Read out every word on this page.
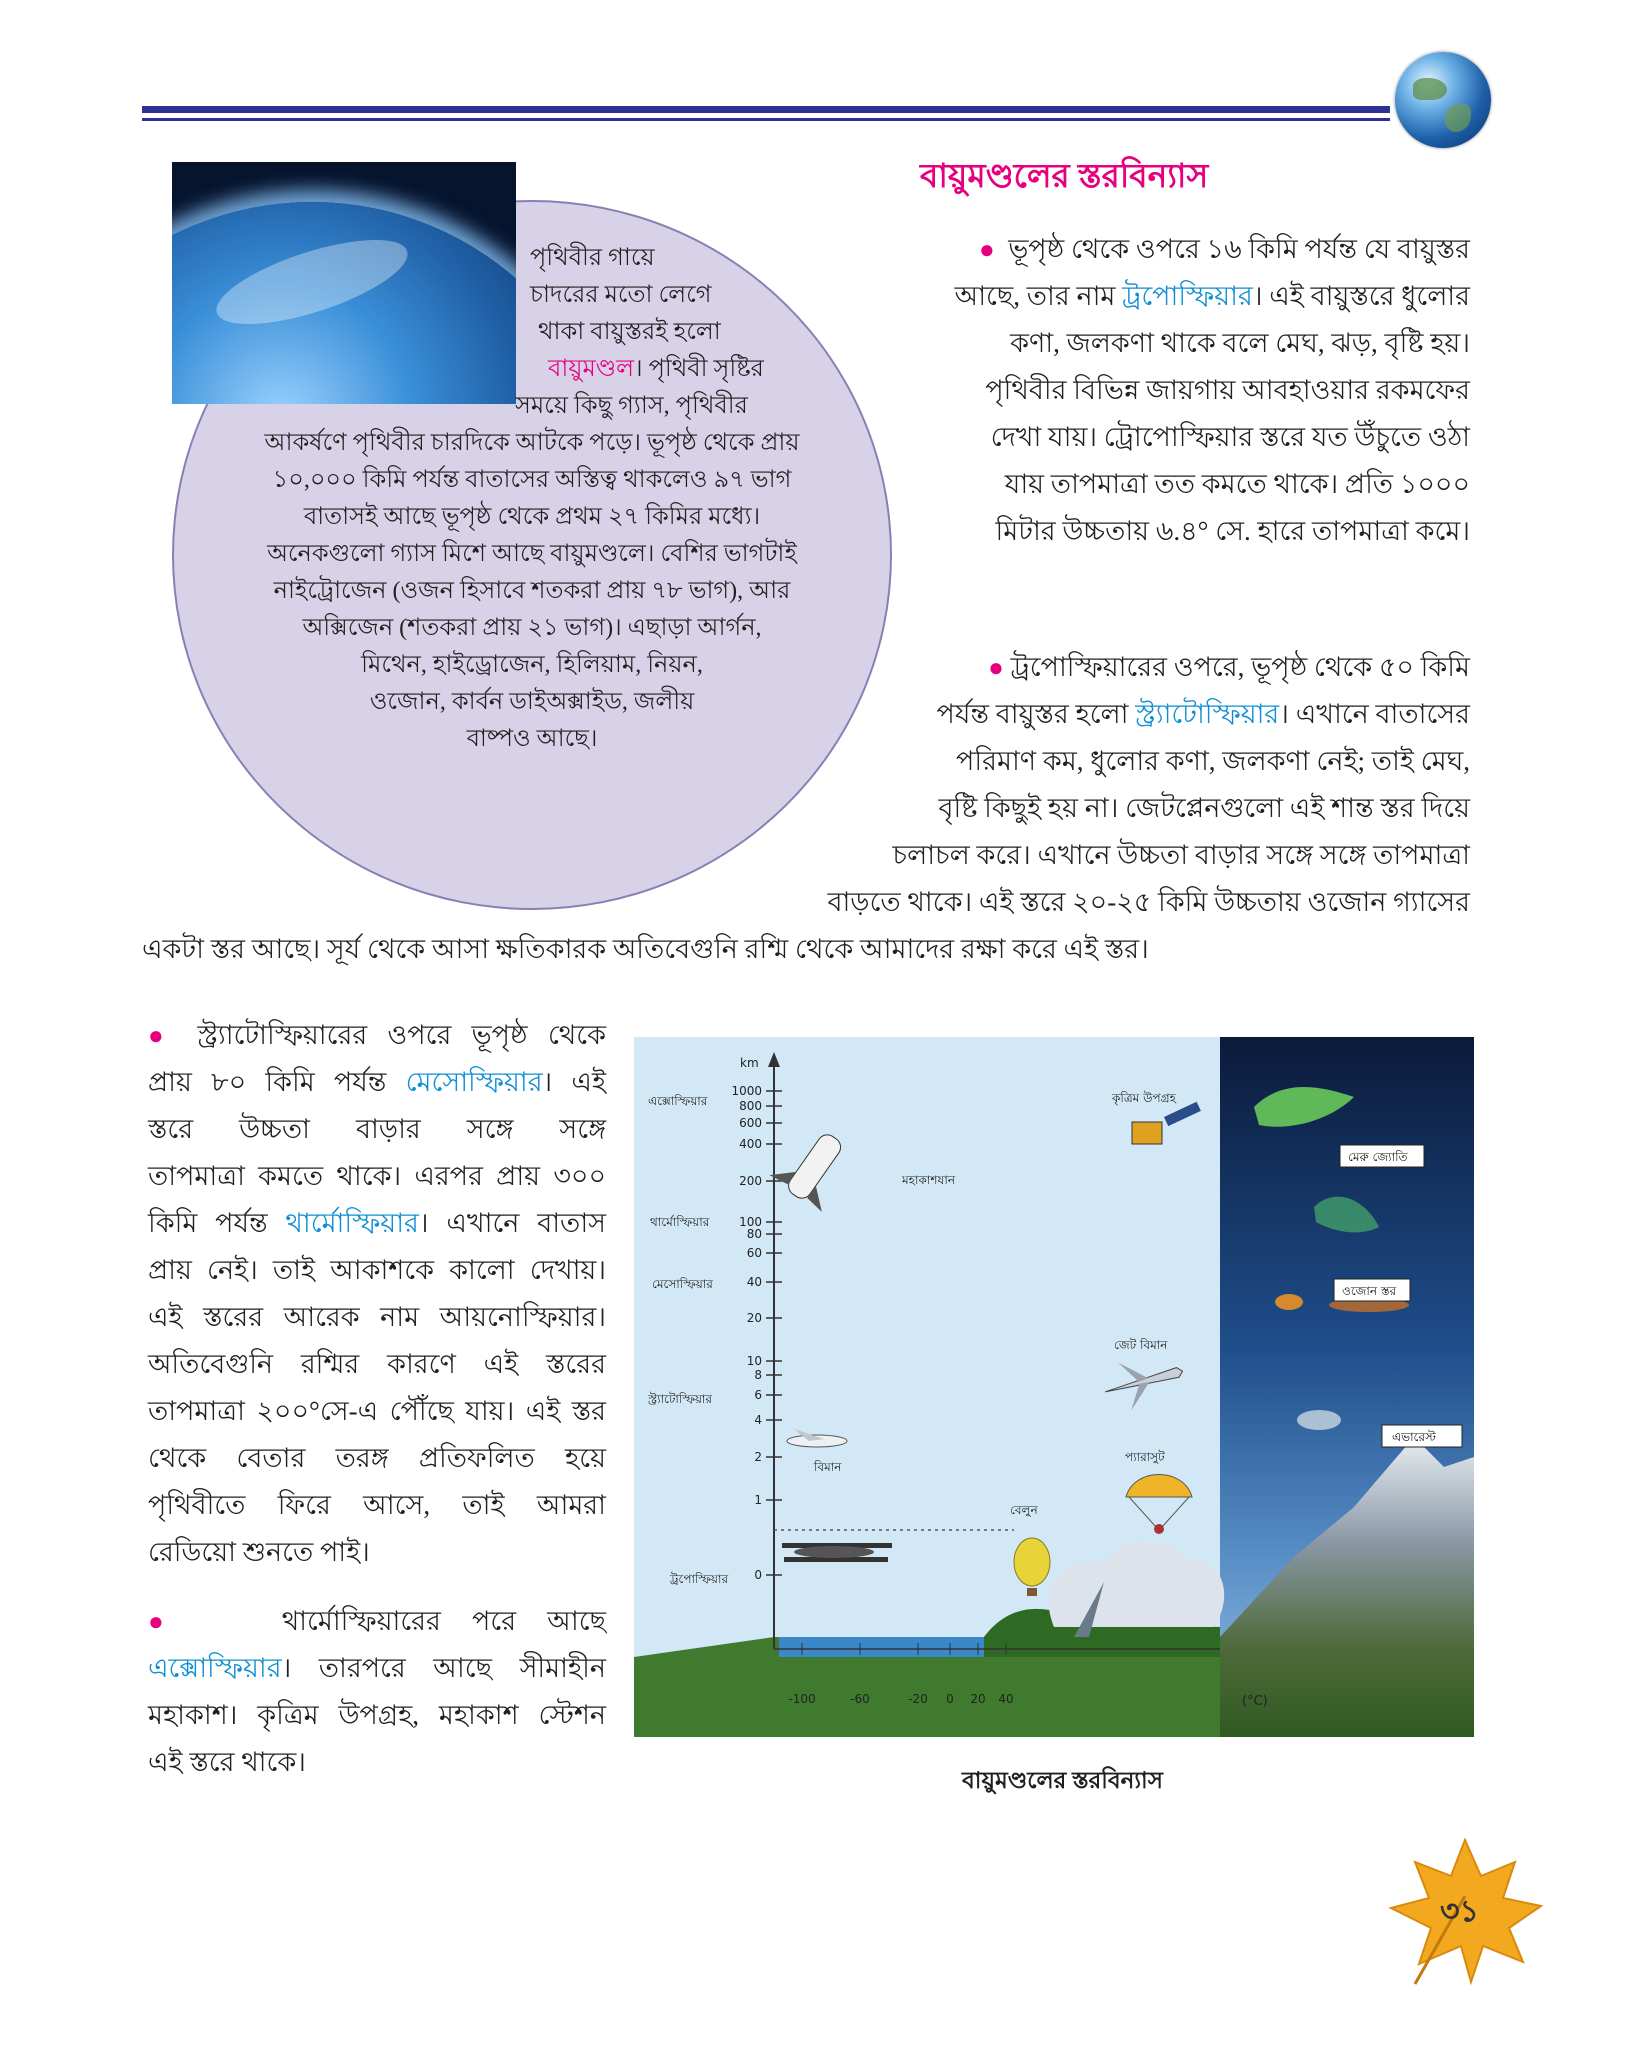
পৃথিবীর গায়ে
চাদরের মতো লেগে
থাকা বায়ুস্তরই হলো
বায়ুমণ্ডল। পৃথিবী সৃষ্টির
সময়ে কিছু গ্যাস, পৃথিবীর
আকর্ষণে পৃথিবীর চারদিকে আটকে পড়ে। ভূপৃষ্ঠ থেকে প্রায়
১০,০০০ কিমি পর্যন্ত বাতাসের অস্তিত্ব থাকলেও ৯৭ ভাগ
বাতাসই আছে ভূপৃষ্ঠ থেকে প্রথম ২৭ কিমির মধ্যে।
অনেকগুলো গ্যাস মিশে আছে বায়ুমণ্ডলে। বেশির ভাগটাই
নাইট্রোজেন (ওজন হিসাবে শতকরা প্রায় ৭৮ ভাগ), আর
অক্সিজেন (শতকরা প্রায় ২১ ভাগ)। এছাড়া আর্গন,
মিথেন, হাইড্রোজেন, হিলিয়াম, নিয়ন,
ওজোন, কার্বন ডাইঅক্সাইড, জলীয়
বাষ্পও আছে।
বায়ুমণ্ডলের স্তরবিন্যাস
● ভূপৃষ্ঠ থেকে ওপরে ১৬ কিমি পর্যন্ত যে বায়ুস্তর
আছে, তার নাম ট্রপোস্ফিয়ার। এই বায়ুস্তরে ধুলোর
কণা, জলকণা থাকে বলে মেঘ, ঝড়, বৃষ্টি হয়।
পৃথিবীর বিভিন্ন জায়গায় আবহাওয়ার রকমফের
দেখা যায়। ট্রোপোস্ফিয়ার স্তরে যত উঁচুতে ওঠা
যায় তাপমাত্রা তত কমতে থাকে। প্রতি ১০০০
মিটার উচ্চতায় ৬.৪° সে. হারে তাপমাত্রা কমে।
● ট্রপোস্ফিয়ারের ওপরে, ভূপৃষ্ঠ থেকে ৫০ কিমি
পর্যন্ত বায়ুস্তর হলো স্ট্র্যাটোস্ফিয়ার। এখানে বাতাসের
পরিমাণ কম, ধুলোর কণা, জলকণা নেই; তাই মেঘ,
বৃষ্টি কিছুই হয় না। জেটপ্লেনগুলো এই শান্ত স্তর দিয়ে
চলাচল করে। এখানে উচ্চতা বাড়ার সঙ্গে সঙ্গে তাপমাত্রা
বাড়তে থাকে। এই স্তরে ২০-২৫ কিমি উচ্চতায় ওজোন গ্যাসের
একটা স্তর আছে। সূর্য থেকে আসা ক্ষতিকারক অতিবেগুনি রশ্মি থেকে আমাদের রক্ষা করে এই স্তর।
● স্ট্র্যাটোস্ফিয়ারের ওপরে ভূপৃষ্ঠ থেকে
প্রায় ৮০ কিমি পর্যন্ত মেসোস্ফিয়ার। এই
স্তরে উচ্চতা বাড়ার সঙ্গে সঙ্গে
তাপমাত্রা কমতে থাকে। এরপর প্রায় ৩০০
কিমি পর্যন্ত থার্মোস্ফিয়ার। এখানে বাতাস
প্রায় নেই। তাই আকাশকে কালো দেখায়।
এই স্তরের আরেক নাম আয়নোস্ফিয়ার।
অতিবেগুনি রশ্মির কারণে এই স্তরের
তাপমাত্রা ২০০°সে-এ পৌঁছে যায়। এই স্তর
থেকে বেতার তরঙ্গ প্রতিফলিত হয়ে
পৃথিবীতে ফিরে আসে, তাই আমরা
রেডিয়ো শুনতে পাই।
●	থার্মোস্ফিয়ারের পরে আছে
এক্সোস্ফিয়ার। তারপরে আছে সীমাহীন
মহাকাশ। কৃত্রিম উপগ্রহ, মহাকাশ স্টেশন
এই স্তরে থাকে।
km
1000
800
600
400
200
100
80
60
40
20
10
8
6
4
2
1
0
-100	-60	-20 0 20 40	(°C)
এক্সোস্ফিয়ার
থার্মোস্ফিয়ার
মেসোস্ফিয়ার
স্ট্র্যাটোস্ফিয়ার
ট্রপোস্ফিয়ার
কৃত্রিম উপগ্রহ
মহাকাশযান
জেট বিমান
বিমান
প্যারাসুট
বেলুন
মেরু জ্যোতি
ওজোন স্তর
এভারেস্ট
বায়ুমণ্ডলের স্তরবিন্যাস
৩১
